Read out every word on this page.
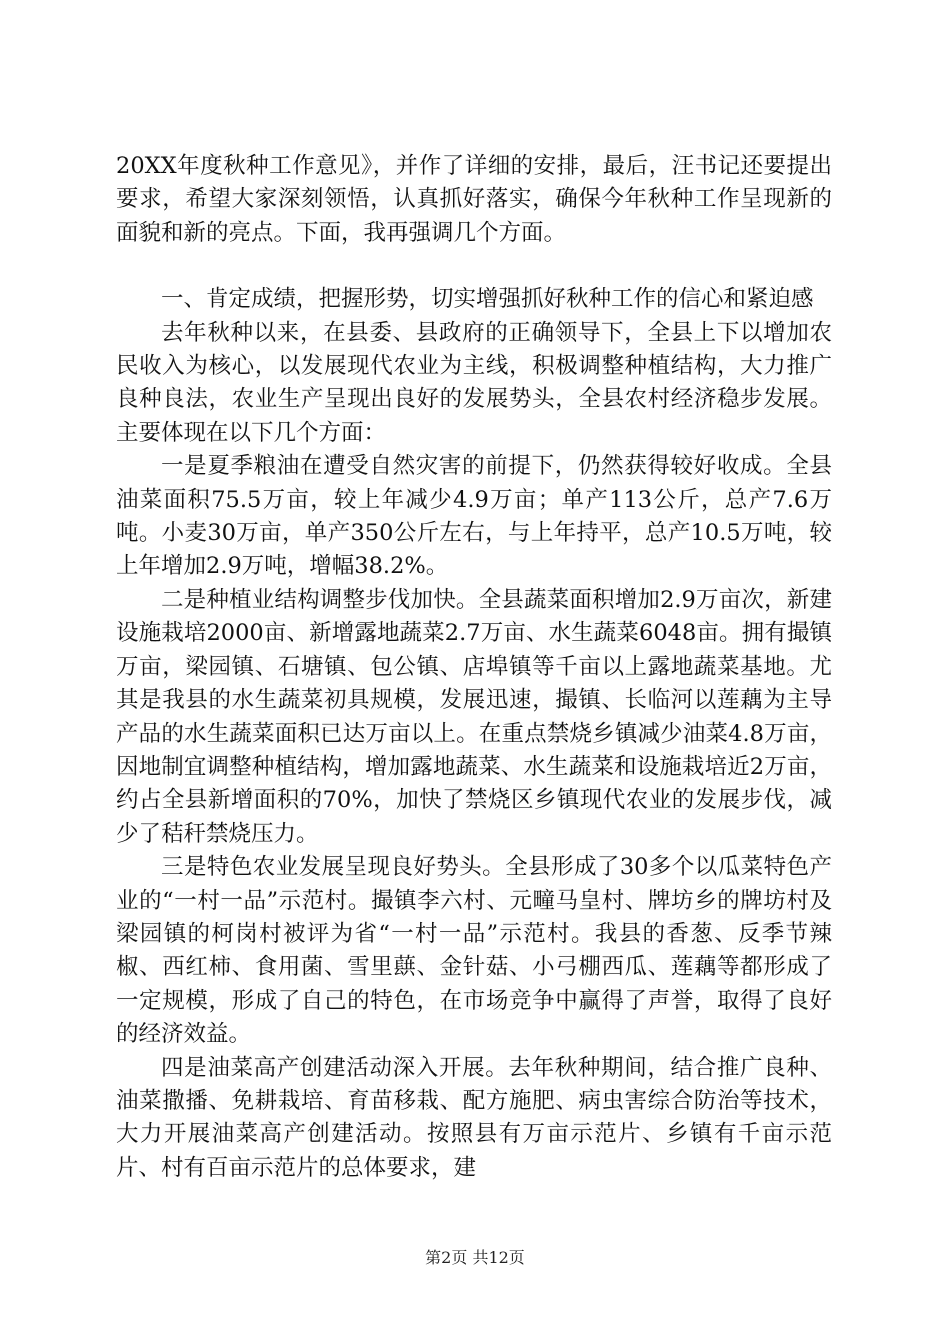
20XX年度秋种工作意见》，并作了详细的安排，最后，汪书记还要提出要求，希望大家深刻领悟，认真抓好落实，确保今年秋种工作呈现新的面貌和新的亮点。下面，我再强调几个方面。

一、肯定成绩，把握形势，切实增强抓好秋种工作的信心和紧迫感

去年秋种以来，在县委、县政府的正确领导下，全县上下以增加农民收入为核心，以发展现代农业为主线，积极调整种植结构，大力推广良种良法，农业生产呈现出良好的发展势头，全县农村经济稳步发展。主要体现在以下几个方面：

一是夏季粮油在遭受自然灾害的前提下，仍然获得较好收成。全县油菜面积75.5万亩，较上年减少4.9万亩；单产113公斤，总产7.6万吨。小麦30万亩，单产350公斤左右，与上年持平，总产10.5万吨，较上年增加2.9万吨，增幅38.2%。

二是种植业结构调整步伐加快。全县蔬菜面积增加2.9万亩次，新建设施栽培2000亩、新增露地蔬菜2.7万亩、水生蔬菜6048亩。拥有撮镇万亩，梁园镇、石塘镇、包公镇、店埠镇等千亩以上露地蔬菜基地。尤其是我县的水生蔬菜初具规模，发展迅速，撮镇、长临河以莲藕为主导产品的水生蔬菜面积已达万亩以上。在重点禁烧乡镇减少油菜4.8万亩，因地制宜调整种植结构，增加露地蔬菜、水生蔬菜和设施栽培近2万亩，约占全县新增面积的70%，加快了禁烧区乡镇现代农业的发展步伐，减少了秸秆禁烧压力。

三是特色农业发展呈现良好势头。全县形成了30多个以瓜菜特色产业的“一村一品”示范村。撮镇李六村、元疃马皇村、牌坊乡的牌坊村及梁园镇的柯岗村被评为省“一村一品”示范村。我县的香葱、反季节辣椒、西红柿、食用菌、雪里蕻、金针菇、小弓棚西瓜、莲藕等都形成了一定规模，形成了自己的特色，在市场竞争中赢得了声誉，取得了良好的经济效益。

四是油菜高产创建活动深入开展。去年秋种期间，结合推广良种、油菜撒播、免耕栽培、育苗移栽、配方施肥、病虫害综合防治等技术，大力开展油菜高产创建活动。按照县有万亩示范片、乡镇有千亩示范片、村有百亩示范片的总体要求，建

第2页 共12页
